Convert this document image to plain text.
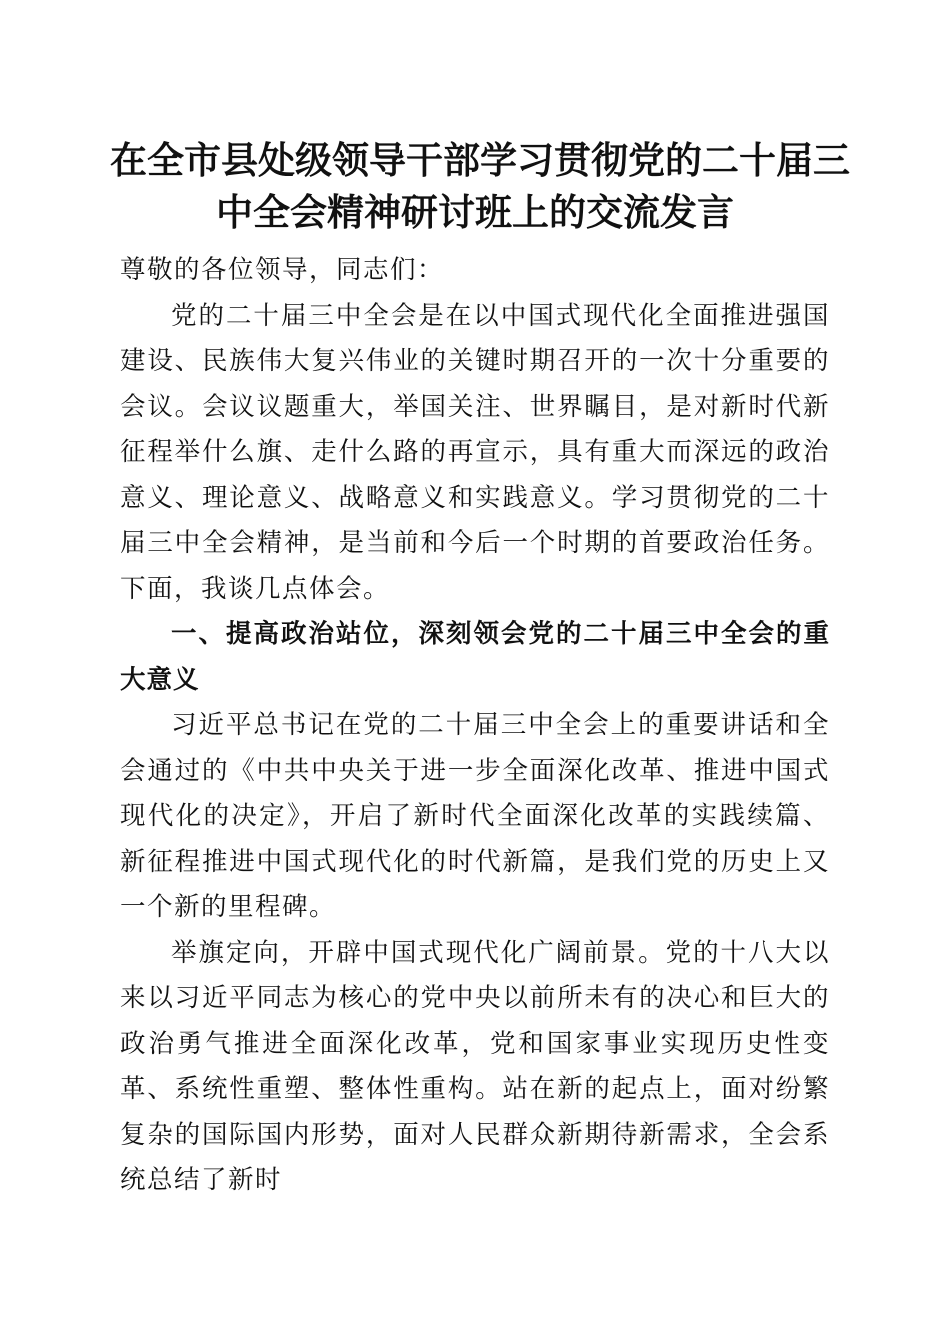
在全市县处级领导干部学习贯彻党的二十届三
中全会精神研讨班上的交流发言

尊敬的各位领导，同志们：

党的二十届三中全会是在以中国式现代化全面推进强国建设、民族伟大复兴伟业的关键时期召开的一次十分重要的会议。会议议题重大，举国关注、世界瞩目，是对新时代新征程举什么旗、走什么路的再宣示，具有重大而深远的政治意义、理论意义、战略意义和实践意义。学习贯彻党的二十届三中全会精神，是当前和今后一个时期的首要政治任务。下面，我谈几点体会。

一、提高政治站位，深刻领会党的二十届三中全会的重大意义

习近平总书记在党的二十届三中全会上的重要讲话和全会通过的《中共中央关于进一步全面深化改革、推进中国式现代化的决定》，开启了新时代全面深化改革的实践续篇、新征程推进中国式现代化的时代新篇，是我们党的历史上又一个新的里程碑。

举旗定向，开辟中国式现代化广阔前景。党的十八大以来以习近平同志为核心的党中央以前所未有的决心和巨大的政治勇气推进全面深化改革，党和国家事业实现历史性变革、系统性重塑、整体性重构。站在新的起点上，面对纷繁复杂的国际国内形势，面对人民群众新期待新需求，全会系统总结了新时
